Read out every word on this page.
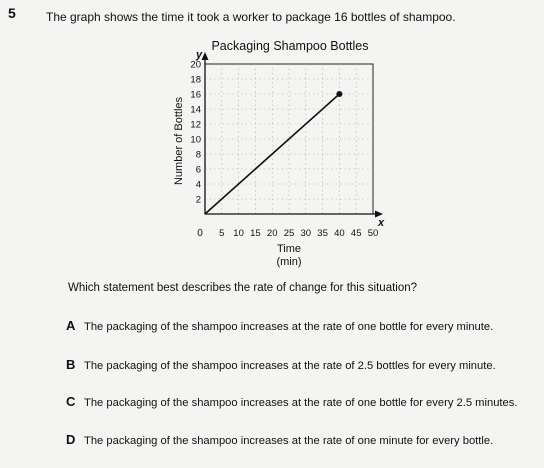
5	The graph shows the time it took a worker to package 16 bottles of shampoo.
Packaging Shampoo Bottles
2
4
6
8
10
12
14
16
18
20
5 10 15 20 25 30 35 40 45 50
y
x
0
Time
(min)
Number of Bottles
Which statement best describes the rate of change for this situation?
A The packaging of the shampoo increases at the rate of one bottle for every minute.
B The packaging of the shampoo increases at the rate of 2.5 bottles for every minute.
C The packaging of the shampoo increases at the rate of one bottle for every 2.5 minutes.
D The packaging of the shampoo increases at the rate of one minute for every bottle.
